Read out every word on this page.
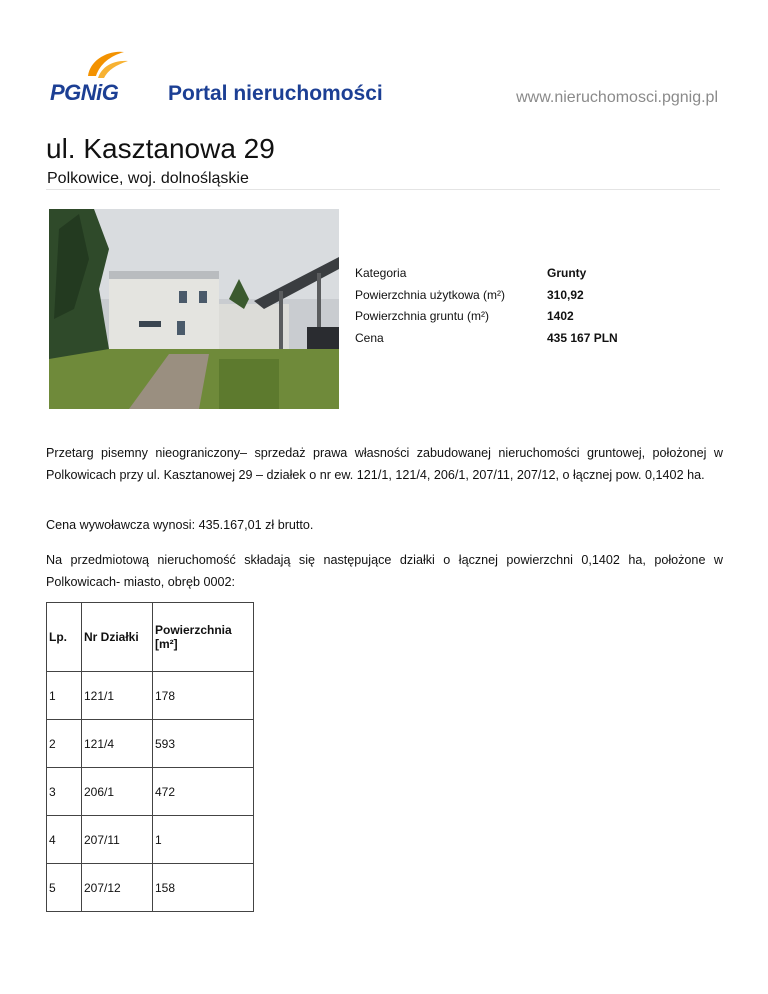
PGNiG Portal nieruchomości	www.nieruchomosci.pgnig.pl
ul. Kasztanowa 29
Polkowice, woj. dolnośląskie
Kategoria	Grunty
Powierzchnia użytkowa (m²)	310,92
Powierzchnia gruntu (m²)	1402
Cena	435 167 PLN

Przetarg pisemny nieograniczony– sprzedaż prawa własności zabudowanej nieruchomości gruntowej, położonej w Polkowicach przy ul. Kasztanowej 29 – działek o nr ew. 121/1, 121/4, 206/1, 207/11, 207/12, o łącznej pow. 0,1402 ha.

Cena wywoławcza wynosi: 435.167,01 zł brutto.

Na przedmiotową nieruchomość składają się następujące działki o łącznej powierzchni 0,1402 ha, położone w Polkowicach- miasto, obręb 0002:

Lp.	Nr Działki	Powierzchnia [m²]
1	121/1	178
2	121/4	593
3	206/1	472
4	207/11	1
5	207/12	158
